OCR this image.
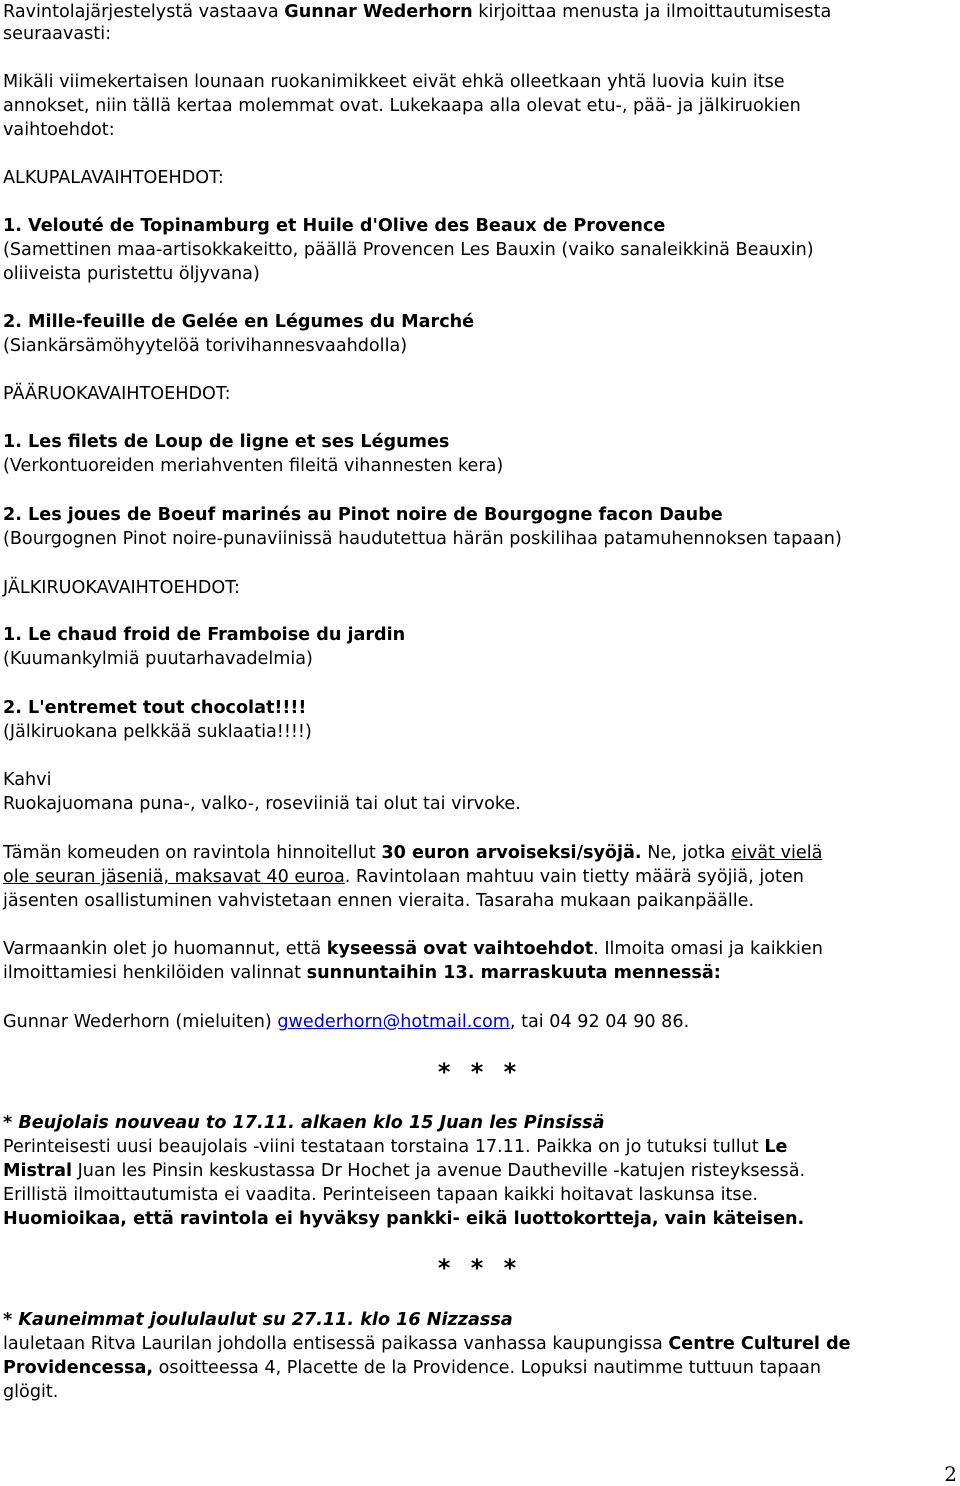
Ravintolajärjestelystä vastaava Gunnar Wederhorn kirjoittaa menusta ja ilmoittautumisesta
seuraavasti:
Mikäli viimekertaisen lounaan ruokanimikkeet eivät ehkä olleetkaan yhtä luovia kuin itse
annokset, niin tällä kertaa molemmat ovat. Lukekaapa alla olevat etu-, pää- ja jälkiruokien
vaihtoehdot:
ALKUPALAVAIHTOEHDOT:
1. Velouté de Topinamburg et Huile d'Olive des Beaux de Provence
(Samettinen maa-artisokkakeitto, päällä Provencen Les Bauxin (vaiko sanaleikkinä Beauxin)
oliiveista puristettu öljyvana)
2. Mille-feuille de Gelée en Légumes du Marché
(Siankärsämöhyytelöä torivihannesvaahdolla)
PÄÄRUOKAVAIHTOEHDOT:
1. Les filets de Loup de ligne et ses Légumes
(Verkontuoreiden meriahventen fileitä vihannesten kera)
2. Les joues de Boeuf marinés au Pinot noire de Bourgogne facon Daube
(Bourgognen Pinot noire-punaviinissä haudutettua härän poskilihaa patamuhennoksen tapaan)
JÄLKIRUOKAVAIHTOEHDOT:
1. Le chaud froid de Framboise du jardin
(Kuumankylmiä puutarhavadelmia)
2. L'entremet tout chocolat!!!!
(Jälkiruokana pelkkää suklaatia!!!!)
Kahvi
Ruokajuomana puna-, valko-, roseviiniä tai olut tai virvoke.
Tämän komeuden on ravintola hinnoitellut 30 euron arvoiseksi/syöjä. Ne, jotka eivät vielä
ole seuran jäseniä, maksavat 40 euroa. Ravintolaan mahtuu vain tietty määrä syöjiä, joten
jäsenten osallistuminen vahvistetaan ennen vieraita. Tasaraha mukaan paikanpäälle.
Varmaankin olet jo huomannut, että kyseessä ovat vaihtoehdot. Ilmoita omasi ja kaikkien
ilmoittamiesi henkilöiden valinnat sunnuntaihin 13. marraskuuta mennessä:
Gunnar Wederhorn (mieluiten) gwederhorn@hotmail.com, tai 04 92 04 90 86.
* * *
* Beujolais nouveau to 17.11. alkaen klo 15 Juan les Pinsissä
Perinteisesti uusi beaujolais -viini testataan torstaina 17.11. Paikka on jo tutuksi tullut Le
Mistral Juan les Pinsin keskustassa Dr Hochet ja avenue Dautheville -katujen risteyksessä.
Erillistä ilmoittautumista ei vaadita. Perinteiseen tapaan kaikki hoitavat laskunsa itse.
Huomioikaa, että ravintola ei hyväksy pankki- eikä luottokortteja, vain käteisen.
* * *
* Kauneimmat joululaulut su 27.11. klo 16 Nizzassa
lauletaan Ritva Laurilan johdolla entisessä paikassa vanhassa kaupungissa Centre Culturel de
Providencessa, osoitteessa 4, Placette de la Providence. Lopuksi nautimme tuttuun tapaan
glögit.
2
